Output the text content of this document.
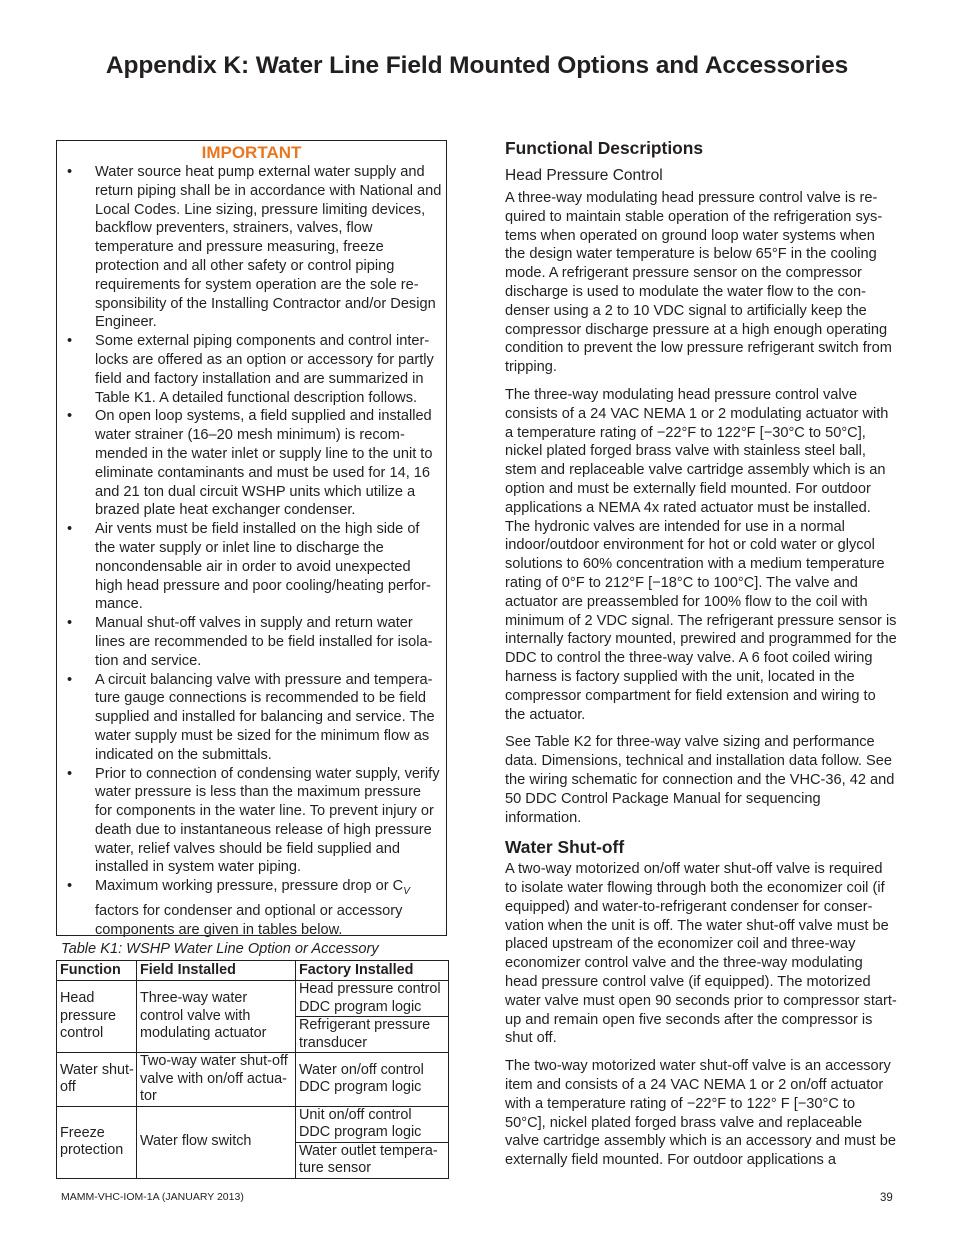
Appendix K: Water Line Field Mounted Options and Accessories

IMPORTANT

• Water source heat pump external water supply and return piping shall be in accordance with National and Local Codes. Line sizing, pressure limiting devices, backflow preventers, strainers, valves, flow temperature and pressure measuring, freeze protection and all other safety or control piping requirements for system operation are the sole responsibility of the Installing Contractor and/or Design Engineer.
• Some external piping components and control interlocks are offered as an option or accessory for partly field and factory installation and are summarized in Table K1. A detailed functional description follows.
• On open loop systems, a field supplied and installed water strainer (16–20 mesh minimum) is recommended in the water inlet or supply line to the unit to eliminate contaminants and must be used for 14, 16 and 21 ton dual circuit WSHP units which utilize a brazed plate heat exchanger condenser.
• Air vents must be field installed on the high side of the water supply or inlet line to discharge the noncondensable air in order to avoid unexpected high head pressure and poor cooling/heating performance.
• Manual shut-off valves in supply and return water lines are recommended to be field installed for isolation and service.
• A circuit balancing valve with pressure and temperature gauge connections is recommended to be field supplied and installed for balancing and service. The water supply must be sized for the minimum flow as indicated on the submittals.
• Prior to connection of condensing water supply, verify water pressure is less than the maximum pressure for components in the water line. To prevent injury or death due to instantaneous release of high pressure water, relief valves should be field supplied and installed in system water piping.
• Maximum working pressure, pressure drop or $C_V$ factors for condenser and optional or accessory components are given in tables below.

Table K1: WSHP Water Line Option or Accessory

Function	Field Installed	Factory Installed
Head pressure control	Three-way water control valve with modulating actuator	Head pressure control DDC program logic
		Refrigerant pressure transducer
Water shut-off	Two-way water shut-off valve with on/off actuator	Water on/off control DDC program logic
Freeze protection	Water flow switch	Unit on/off control DDC program logic
		Water outlet temperature sensor

Functional Descriptions

Head Pressure Control

A three-way modulating head pressure control valve is required to maintain stable operation of the refrigeration systems when operated on ground loop water systems when the design water temperature is below 65°F in the cooling mode. A refrigerant pressure sensor on the compressor discharge is used to modulate the water flow to the condenser using a 2 to 10 VDC signal to artificially keep the compressor discharge pressure at a high enough operating condition to prevent the low pressure refrigerant switch from tripping.

The three-way modulating head pressure control valve consists of a 24 VAC NEMA 1 or 2 modulating actuator with a temperature rating of −22°F to 122°F [−30°C to 50°C], nickel plated forged brass valve with stainless steel ball, stem and replaceable valve cartridge assembly which is an option and must be externally field mounted. For outdoor applications a NEMA 4x rated actuator must be installed. The hydronic valves are intended for use in a normal indoor/outdoor environment for hot or cold water or glycol solutions to 60% concentration with a medium temperature rating of 0°F to 212°F [−18°C to 100°C]. The valve and actuator are preassembled for 100% flow to the coil with minimum of 2 VDC signal. The refrigerant pressure sensor is internally factory mounted, prewired and programmed for the DDC to control the three-way valve. A 6 foot coiled wiring harness is factory supplied with the unit, located in the compressor compartment for field extension and wiring to the actuator.

See Table K2 for three-way valve sizing and performance data. Dimensions, technical and installation data follow. See the wiring schematic for connection and the VHC-36, 42 and 50 DDC Control Package Manual for sequencing information.

Water Shut-off

A two-way motorized on/off water shut-off valve is required to isolate water flowing through both the economizer coil (if equipped) and water-to-refrigerant condenser for conservation when the unit is off. The water shut-off valve must be placed upstream of the economizer coil and three-way economizer control valve and the three-way modulating head pressure control valve (if equipped). The motorized water valve must open 90 seconds prior to compressor start-up and remain open five seconds after the compressor is shut off.

The two-way motorized water shut-off valve is an accessory item and consists of a 24 VAC NEMA 1 or 2 on/off actuator with a temperature rating of −22°F to 122° F [−30°C to 50°C], nickel plated forged brass valve and replaceable valve cartridge assembly which is an accessory and must be externally field mounted. For outdoor applications a

MAMM-VHC-IOM-1A (JANUARY 2013)	39
